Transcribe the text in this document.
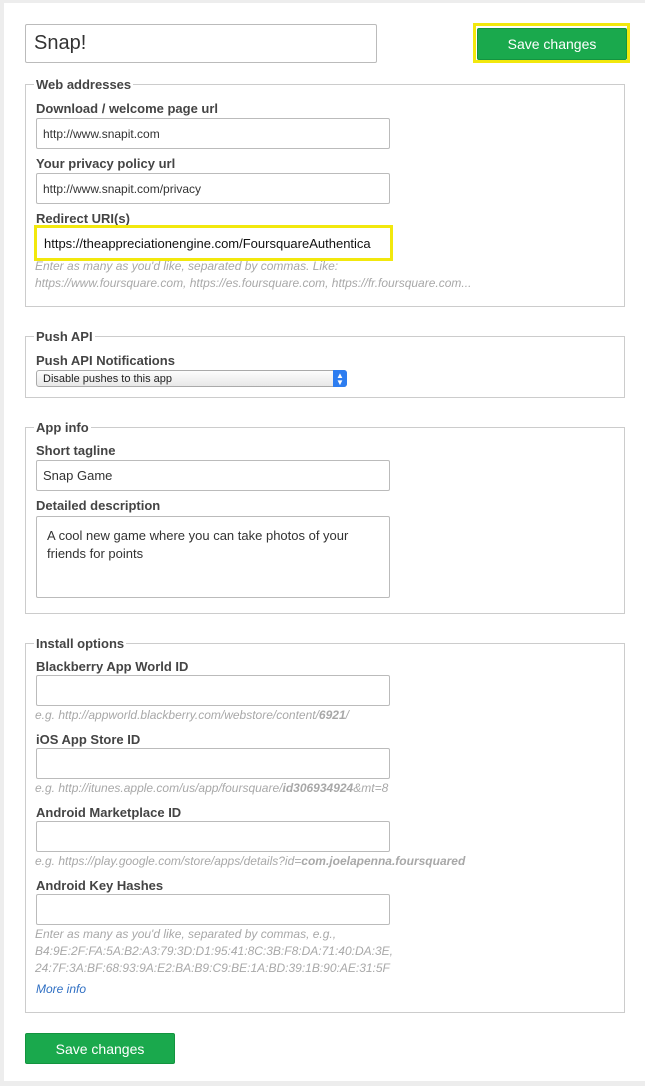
Snap!
Save changes
Web addresses
Download / welcome page url
http://www.snapit.com
Your privacy policy url
http://www.snapit.com/privacy
Redirect URI(s)
https://theappreciationengine.com/FoursquareAuthentica
Enter as many as you'd like, separated by commas. Like:
https://www.foursquare.com, https://es.foursquare.com, https://fr.foursquare.com...
Push API
Push API Notifications
Disable pushes to this app	▲
▼
App info
Short tagline
Snap Game
Detailed description
A cool new game where you can take photos of your friends for points
Install options
Blackberry App World ID
e.g. http://appworld.blackberry.com/webstore/content/6921/
iOS App Store ID
e.g. http://itunes.apple.com/us/app/foursquare/id306934924&mt=8
Android Marketplace ID
e.g. https://play.google.com/store/apps/details?id=com.joelapenna.foursquared
Android Key Hashes
Enter as many as you'd like, separated by commas, e.g.,
B4:9E:2F:FA:5A:B2:A3:79:3D:D1:95:41:8C:3B:F8:DA:71:40:DA:3E,
24:7F:3A:BF:68:93:9A:E2:BA:B9:C9:BE:1A:BD:39:1B:90:AE:31:5F
More info
Save changes
